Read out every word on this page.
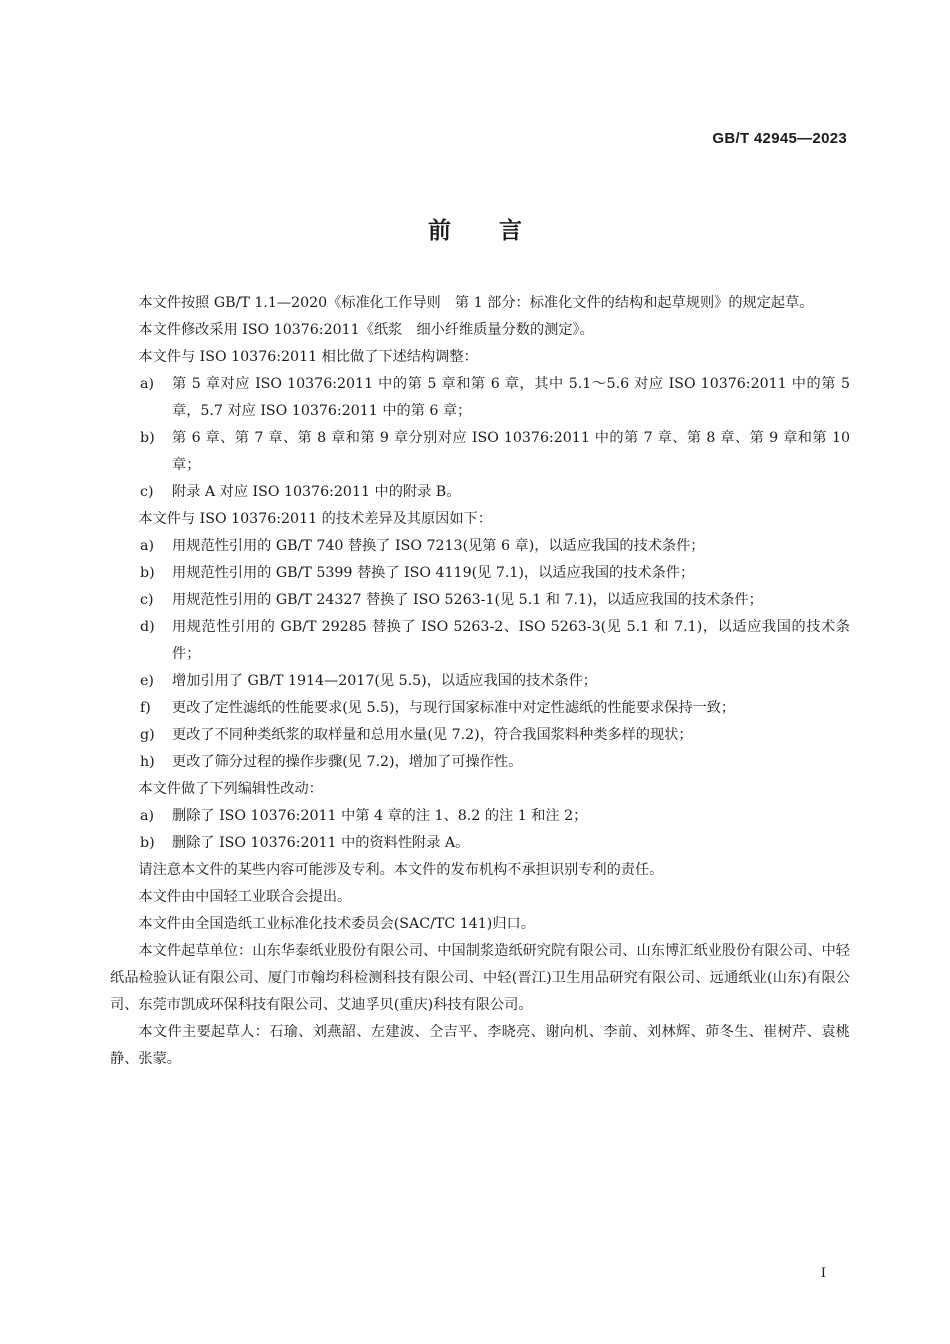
GB/T 42945—2023
前言

本文件按照 GB/T 1.1—2020《标准化工作导则　第 1 部分：标准化文件的结构和起草规则》的规定起草。

本文件修改采用 ISO 10376:2011《纸浆　细小纤维质量分数的测定》。

本文件与 ISO 10376:2011 相比做了下述结构调整：

a) 第 5 章对应 ISO 10376:2011 中的第 5 章和第 6 章，其中 5.1～5.6 对应 ISO 10376:2011 中的第 5 章，5.7 对应 ISO 10376:2011 中的第 6 章；

b) 第 6 章、第 7 章、第 8 章和第 9 章分别对应 ISO 10376:2011 中的第 7 章、第 8 章、第 9 章和第 10 章；

c) 附录 A 对应 ISO 10376:2011 中的附录 B。

本文件与 ISO 10376:2011 的技术差异及其原因如下：

a) 用规范性引用的 GB/T 740 替换了 ISO 7213(见第 6 章)，以适应我国的技术条件；

b) 用规范性引用的 GB/T 5399 替换了 ISO 4119(见 7.1)，以适应我国的技术条件；

c) 用规范性引用的 GB/T 24327 替换了 ISO 5263-1(见 5.1 和 7.1)，以适应我国的技术条件；

d) 用规范性引用的 GB/T 29285 替换了 ISO 5263-2、ISO 5263-3(见 5.1 和 7.1)，以适应我国的技术条件；

e) 增加引用了 GB/T 1914—2017(见 5.5)，以适应我国的技术条件；

f) 更改了定性滤纸的性能要求(见 5.5)，与现行国家标准中对定性滤纸的性能要求保持一致；

g) 更改了不同种类纸浆的取样量和总用水量(见 7.2)，符合我国浆料种类多样的现状；

h) 更改了筛分过程的操作步骤(见 7.2)，增加了可操作性。

本文件做了下列编辑性改动：

a) 删除了 ISO 10376:2011 中第 4 章的注 1、8.2 的注 1 和注 2；

b) 删除了 ISO 10376:2011 中的资料性附录 A。

请注意本文件的某些内容可能涉及专利。本文件的发布机构不承担识别专利的责任。

本文件由中国轻工业联合会提出。

本文件由全国造纸工业标准化技术委员会(SAC/TC 141)归口。

本文件起草单位：山东华泰纸业股份有限公司、中国制浆造纸研究院有限公司、山东博汇纸业股份有限公司、中轻纸品检验认证有限公司、厦门市翰均科检测科技有限公司、中轻(晋江)卫生用品研究有限公司、远通纸业(山东)有限公司、东莞市凯成环保科技有限公司、艾迪孚贝(重庆)科技有限公司。

本文件主要起草人：石瑜、刘燕韶、左建波、仝吉平、李晓亮、谢向机、李前、刘林辉、茆冬生、崔树芹、袁桃静、张蒙。

I
